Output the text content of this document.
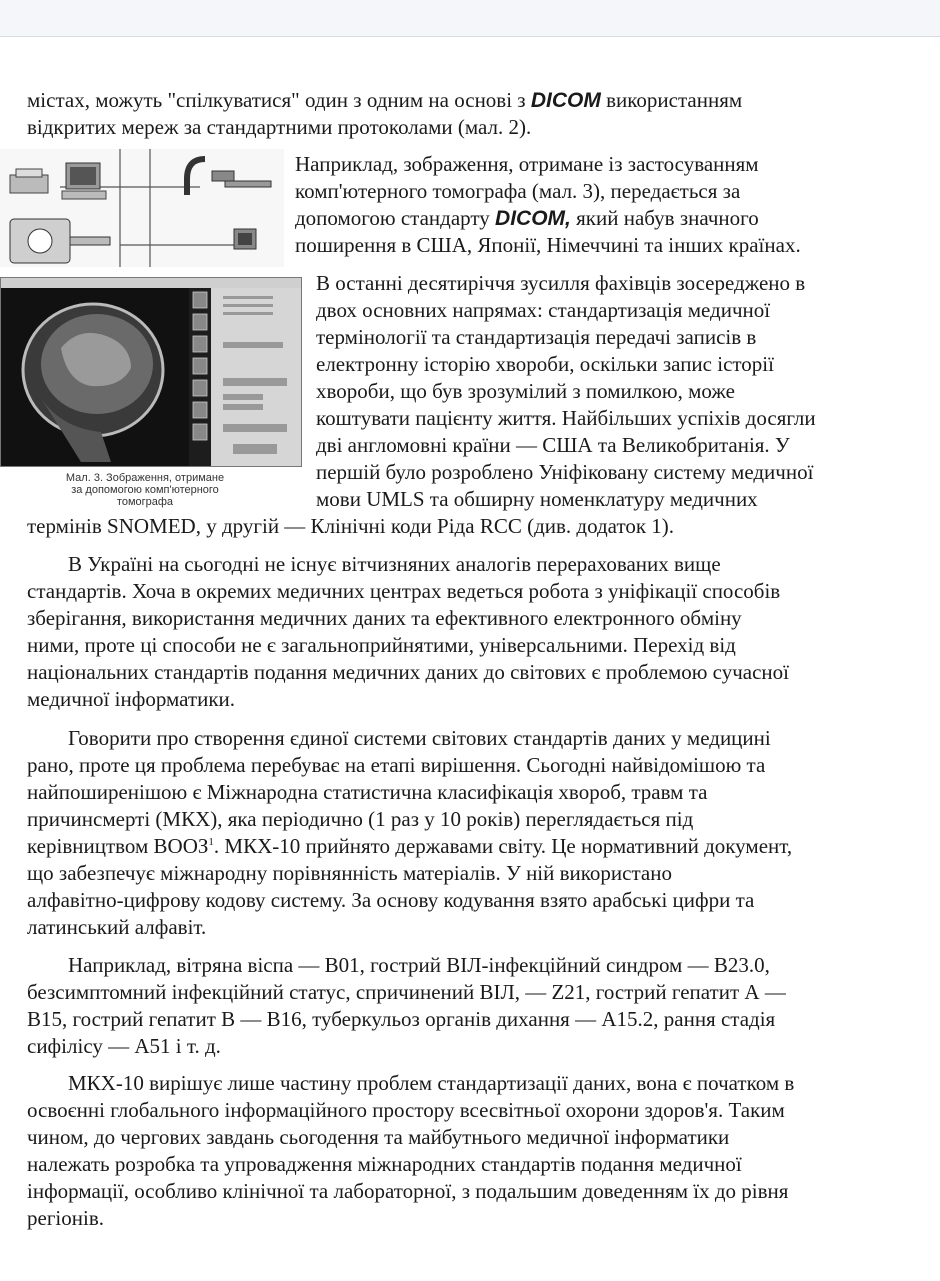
Мал. 3. Зображення, отримане
за допомогою комп'ютерного
томографа
містах, можуть "спілкуватися" один з одним на основі з DICOM використанням
відкритих мереж за стандартними протоколами (мал. 2).
Наприклад, зображення, отримане із застосуванням
комп'ютерного томографа (мал. 3), передається за
допомогою стандарту DICOM, який набув значного
поширення в США, Японії, Німеччині та інших країнах.
В останні десятиріччя зусилля фахівців зосереджено в
двох основних напрямах: стандартизація медичної
термінології та стандартизація передачі записів в
електронну історію хвороби, оскільки запис історії
хвороби, що був зрозумілий з помилкою, може
коштувати пацієнту життя. Найбільших успіхів досягли
дві англомовні країни — США та Великобританія. У
першій було розроблено Уніфіковану систему медичної
мови UMLS та обширну номенклатуру медичних
термінів SNOMED, у другій — Клінічні коди Ріда RCC (див. додаток 1).
В Україні на сьогодні не існує вітчизняних аналогів перерахованих вище
стандартів. Хоча в окремих медичних центрах ведеться робота з уніфікації способів
зберігання, використання медичних даних та ефективного електронного обміну
ними, проте ці способи не є загальноприйнятими, універсальними. Перехід від
національних стандартів подання медичних даних до світових є проблемою сучасної
медичної інформатики.
Говорити про створення єдиної системи світових стандартів даних у медицині
рано, проте ця проблема перебуває на етапі вирішення. Сьогодні найвідомішою та
найпоширенішою є Міжнародна статистична класифікація хвороб, травм та
причинсмерті (МКХ), яка періодично (1 раз у 10 років) переглядається під
керівництвом ВООЗ$^1$. МКХ-10 прийнято державами світу. Це нормативний документ,
що забезпечує міжнародну порівнянність матеріалів. У ній використано
алфавітно-цифрову кодову систему. За основу кодування взято арабські цифри та
латинський алфавіт.
Наприклад, вітряна віспа — В01, гострий ВІЛ-інфекційний синдром — В23.0,
безсимптомний інфекційний статус, спричинений ВІЛ, — Z21, гострий гепатит А —
В15, гострий гепатит В — В16, туберкульоз органів дихання — А15.2, рання стадія
сифілісу — А51 і т. д.
МКХ-10 вирішує лише частину проблем стандартизації даних, вона є початком в
освоєнні глобального інформаційного простору всесвітньої охорони здоров'я. Таким
чином, до чергових завдань сьогодення та майбутнього медичної інформатики
належать розробка та упровадження міжнародних стандартів подання медичної
інформації, особливо клінічної та лабораторної, з подальшим доведенням їх до рівня
регіонів.
